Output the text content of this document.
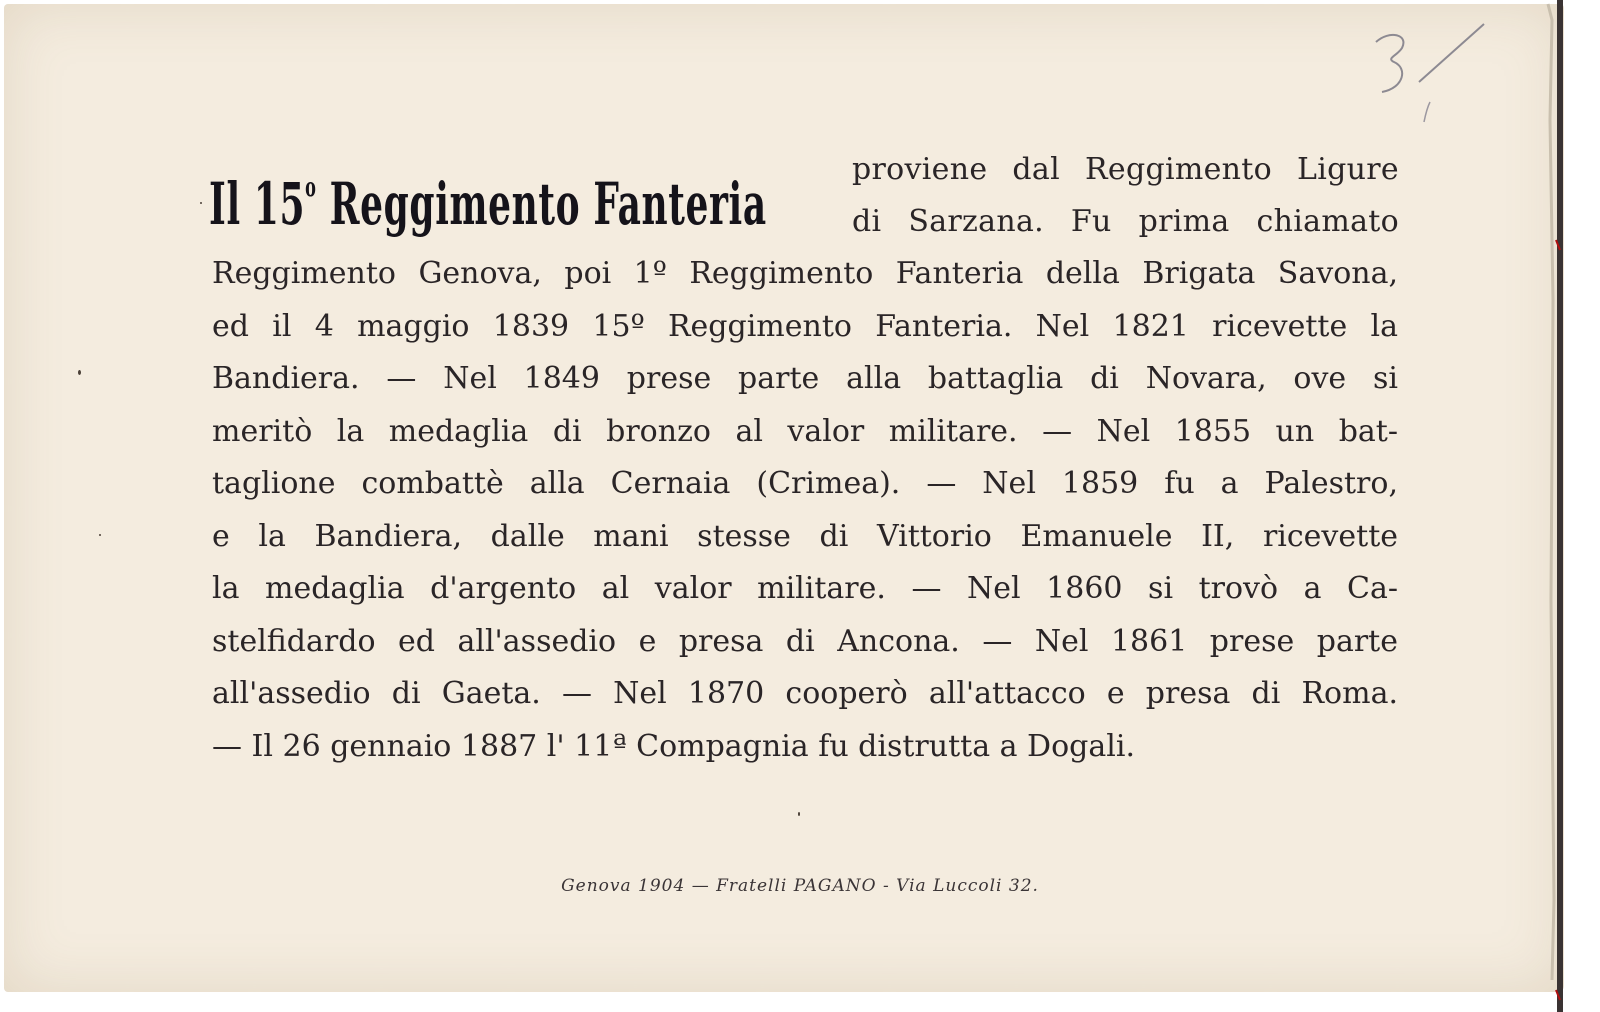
Il 15$^o$ Reggimento Fanteria
proviene dal Reggimento Ligure
di Sarzana. Fu prima chiamato
Reggimento Genova, poi 1º Reggimento Fanteria della Brigata Savona,
ed il 4 maggio 1839 15º Reggimento Fanteria. Nel 1821 ricevette la
Bandiera. — Nel 1849 prese parte alla battaglia di Novara, ove si
meritò la medaglia di bronzo al valor militare. — Nel 1855 un bat-
taglione combattè alla Cernaia (Crimea). — Nel 1859 fu a Palestro,
e la Bandiera, dalle mani stesse di Vittorio Emanuele II, ricevette
la medaglia d'argento al valor militare. — Nel 1860 si trovò a Ca-
stelfidardo ed all'assedio e presa di Ancona. — Nel 1861 prese parte
all'assedio di Gaeta. — Nel 1870 cooperò all'attacco e presa di Roma.
— Il 26 gennaio 1887 l' 11ª Compagnia fu distrutta a Dogali.
Genova 1904 — Fratelli PAGANO - Via Luccoli 32.
